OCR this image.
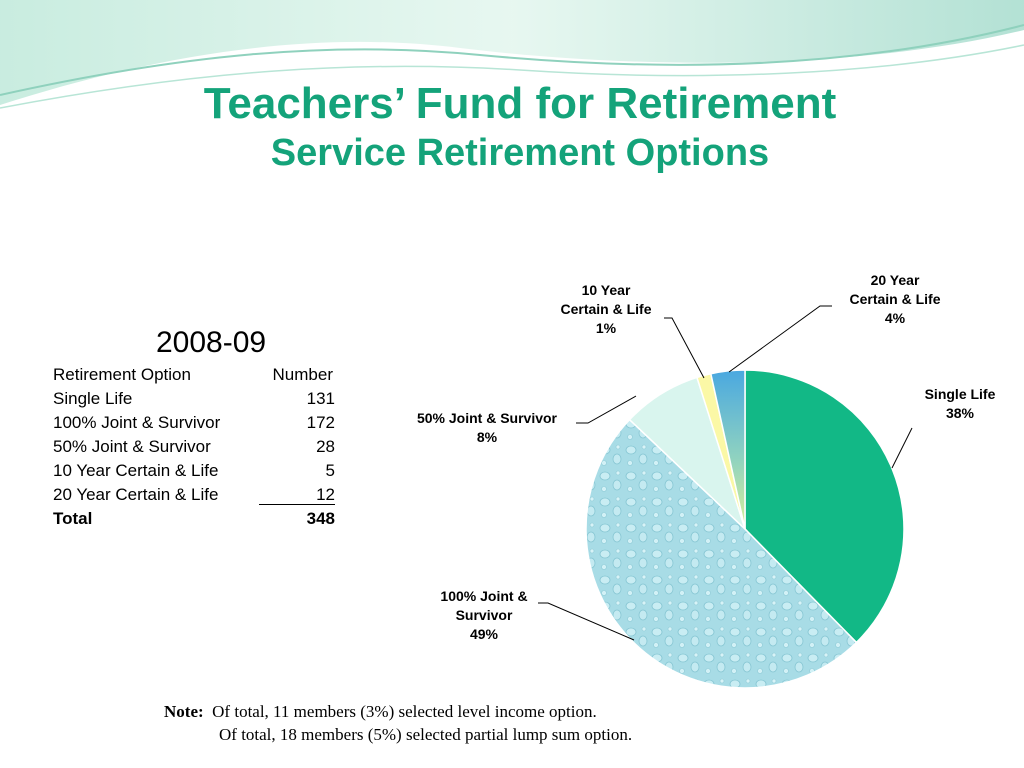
Teachers’ Fund for Retirement
Service Retirement Options
2008-09
Retirement Option	Number
Single Life	131
100% Joint & Survivor	172
50% Joint & Survivor	28
10 Year Certain & Life	5
20 Year Certain & Life	12
Total	348
Single Life 38%
100% Joint & Survivor 49%
50% Joint & Survivor 8%
10 Year Certain & Life 1%
20 Year Certain & Life 4%
Note: Of total, 11 members (3%) selected level income option.
Of total, 18 members (5%) selected partial lump sum option.
